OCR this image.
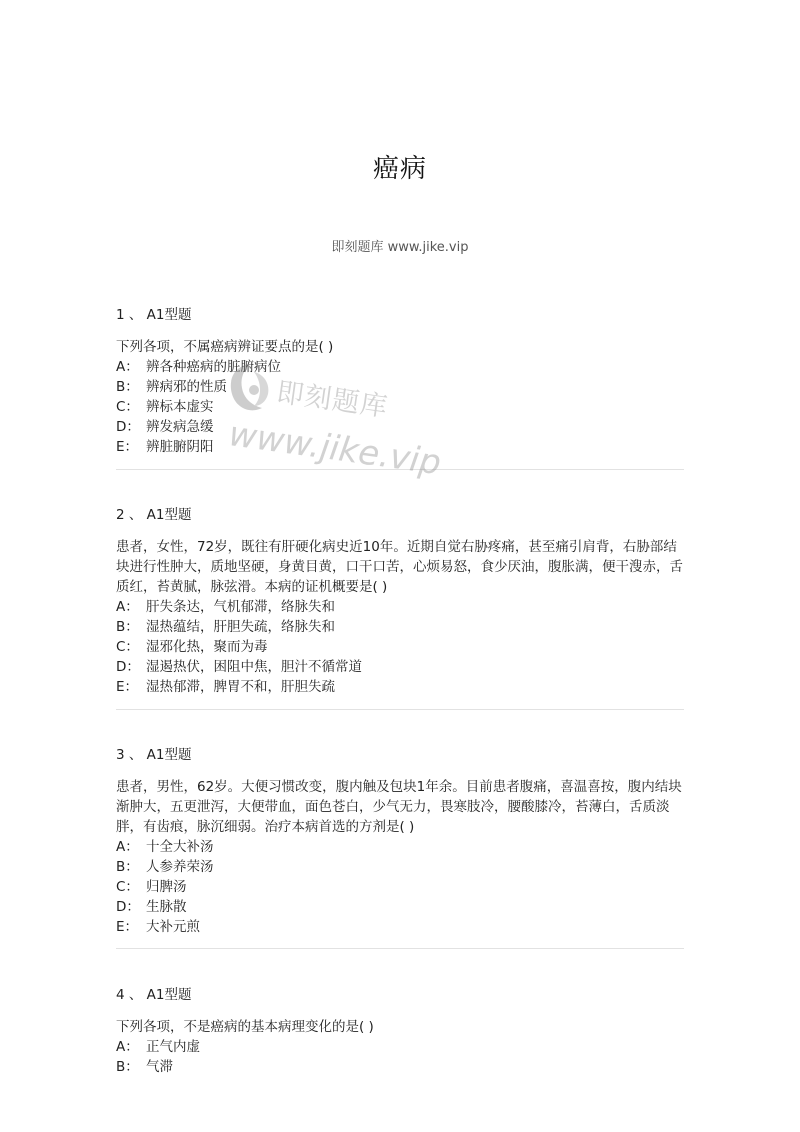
癌病
即刻题库 www.jike.vip
1 、 A1型题

下列各项，不属癌病辨证要点的是( )

A： 辨各种癌病的脏腑病位
B： 辨病邪的性质
C： 辨标本虚实
D： 辨发病急缓
E： 辨脏腑阴阳
2 、 A1型题

患者，女性，72岁，既往有肝硬化病史近10年。近期自觉右胁疼痛，甚至痛引肩背，右胁部结块进行性肿大，质地坚硬，身黄目黄，口干口苦，心烦易怒，食少厌油，腹胀满，便干溲赤，舌质红，苔黄腻，脉弦滑。本病的证机概要是( )

A： 肝失条达，气机郁滞，络脉失和
B： 湿热蕴结，肝胆失疏，络脉失和
C： 湿邪化热，聚而为毒
D： 湿遏热伏，困阻中焦，胆汁不循常道
E： 湿热郁滞，脾胃不和，肝胆失疏
3 、 A1型题

患者，男性，62岁。大便习惯改变，腹内触及包块1年余。目前患者腹痛，喜温喜按，腹内结块渐肿大，五更泄泻，大便带血，面色苍白，少气无力，畏寒肢冷，腰酸膝冷，苔薄白，舌质淡胖，有齿痕，脉沉细弱。治疗本病首选的方剂是( )

A： 十全大补汤
B： 人参养荣汤
C： 归脾汤
D： 生脉散
E： 大补元煎
4 、 A1型题

下列各项，不是癌病的基本病理变化的是( )

A： 正气内虚
B： 气滞
即刻题库
www.jike.vip
